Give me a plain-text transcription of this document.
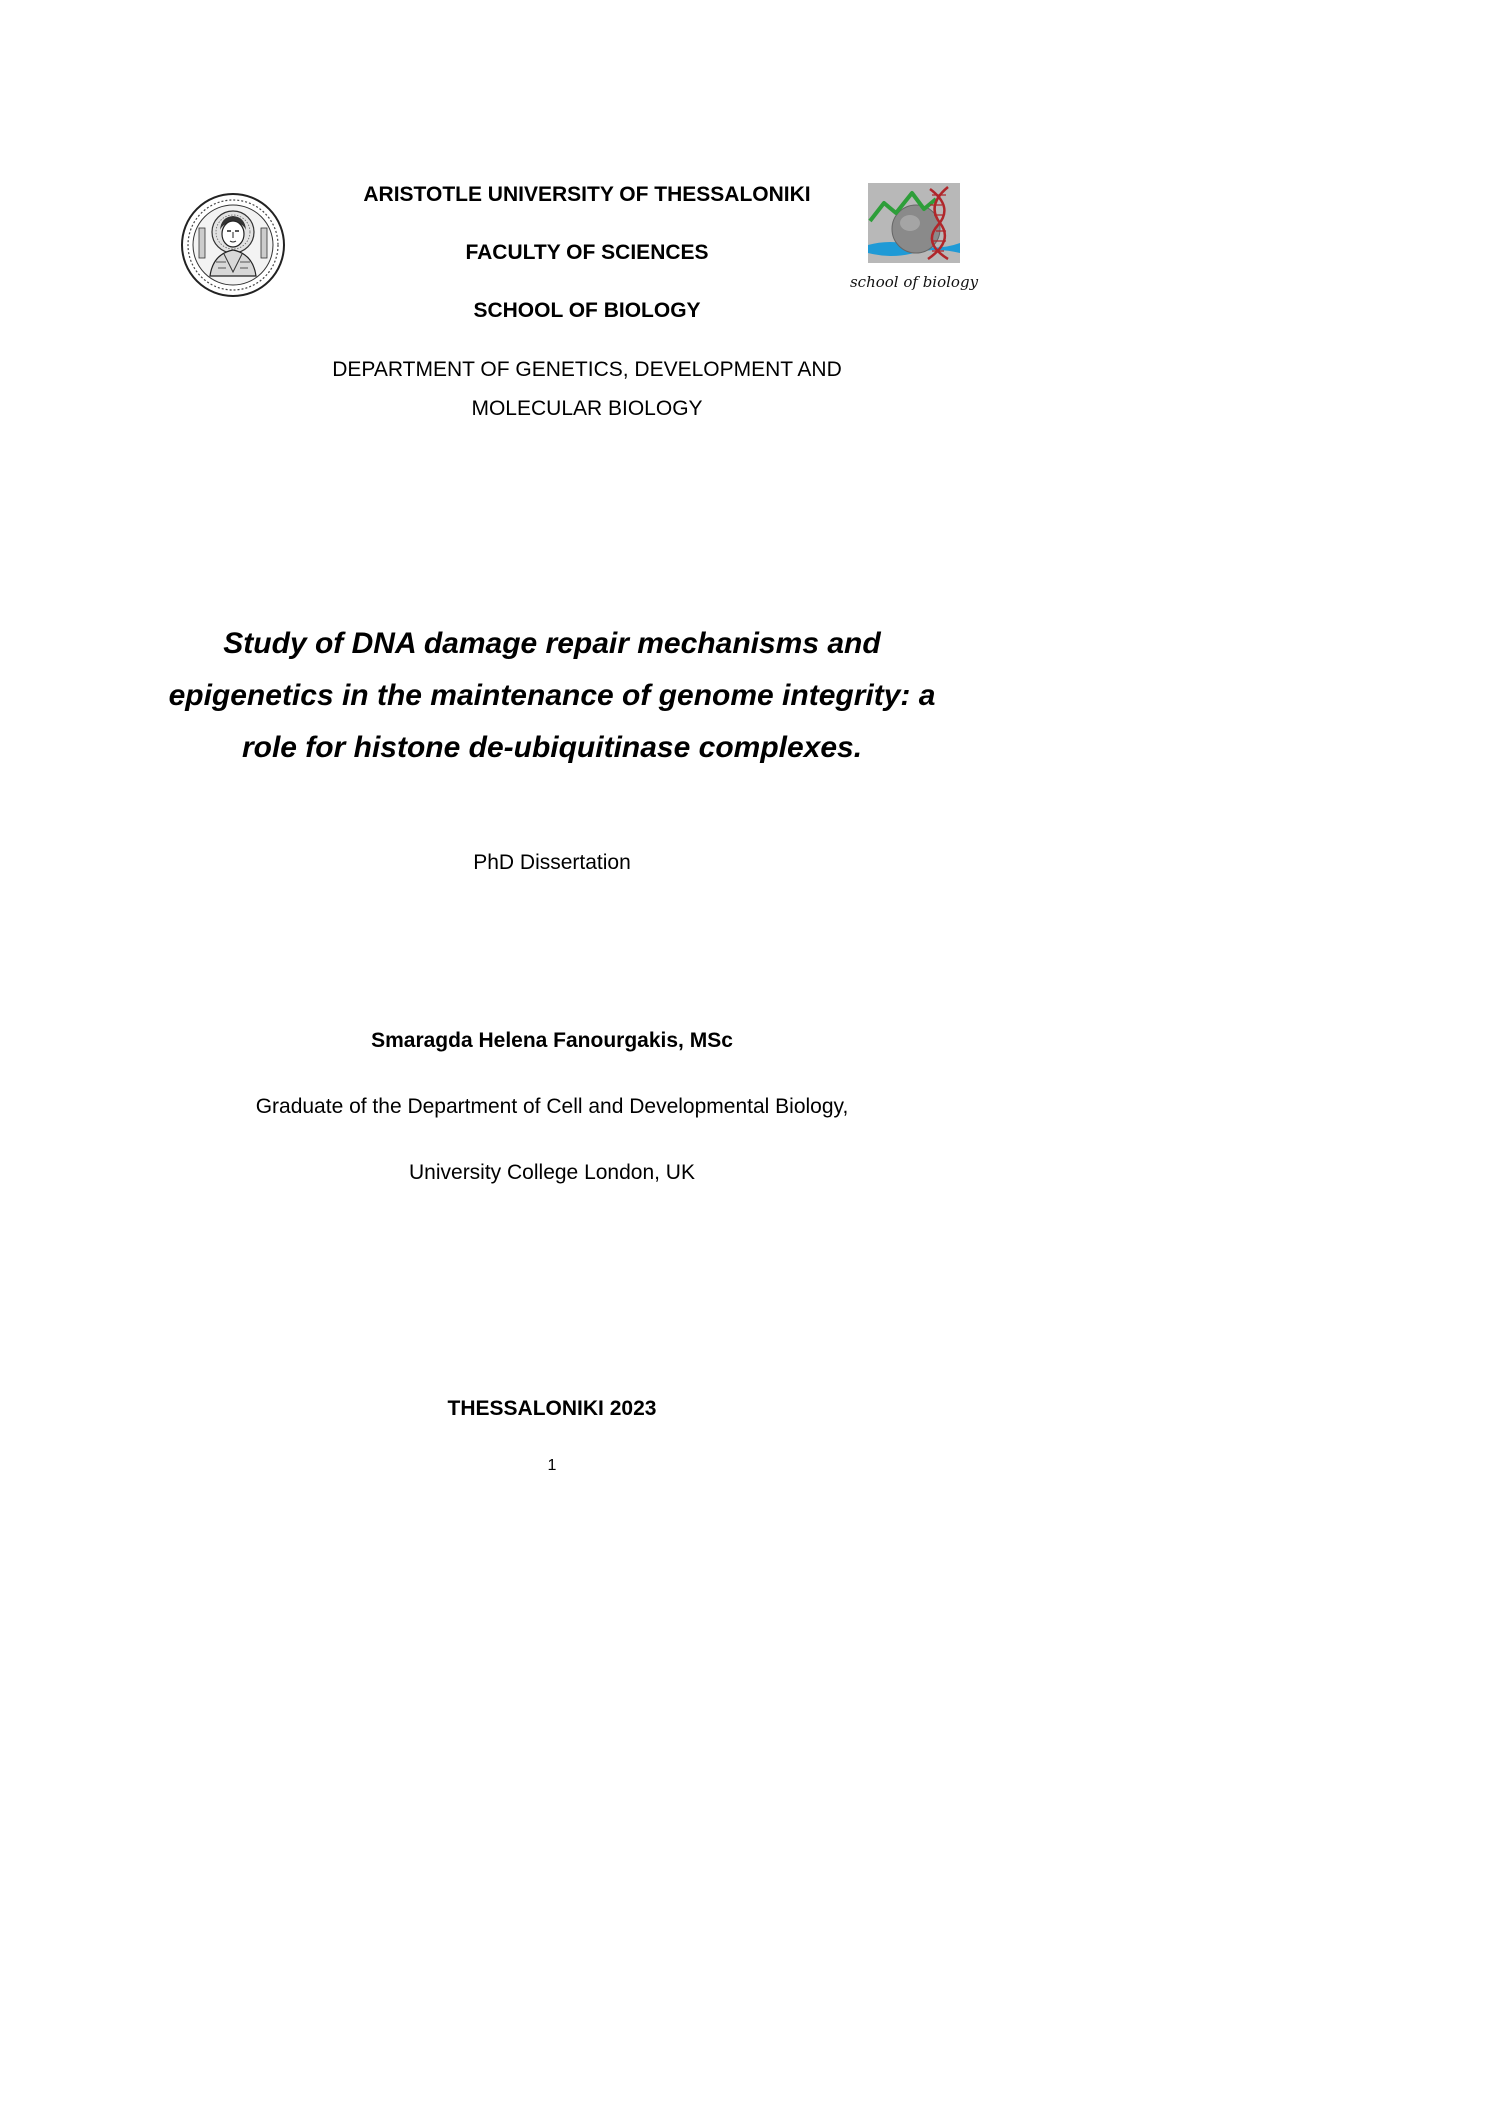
school of biology
ARISTOTLE UNIVERSITY OF THESSALONIKI
FACULTY OF SCIENCES
SCHOOL OF BIOLOGY
DEPARTMENT OF GENETICS, DEVELOPMENT AND
MOLECULAR BIOLOGY
Study of DNA damage repair mechanisms and
epigenetics in the maintenance of genome integrity: a
role for histone de-ubiquitinase complexes.
PhD Dissertation
Smaragda Helena Fanourgakis, MSc
Graduate of the Department of Cell and Developmental Biology,
University College London, UK
THESSALONIKI 2023
1
